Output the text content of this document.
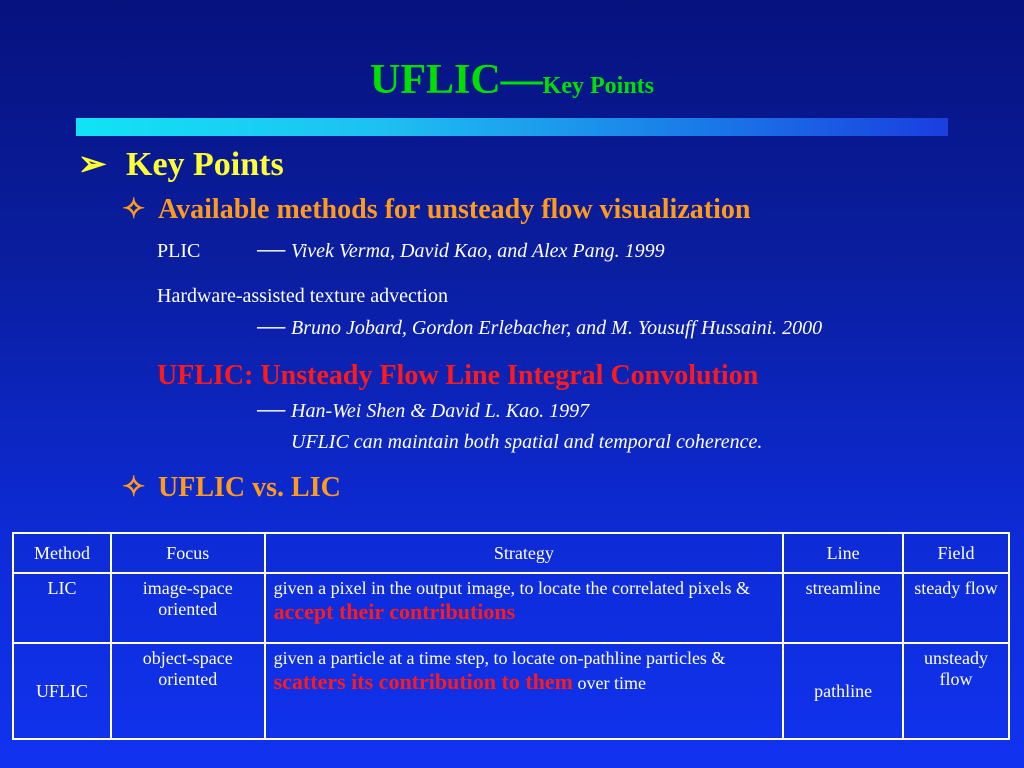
UFLIC—Key Points
➢ Key Points
✧ Available methods for unsteady flow visualization
PLIC	── Vivek Verma, David Kao, and Alex Pang. 1999
Hardware-assisted texture advection
── Bruno Jobard, Gordon Erlebacher, and M. Yousuff Hussaini. 2000
UFLIC: Unsteady Flow Line Integral Convolution
── Han-Wei Shen & David L. Kao. 1997
UFLIC can maintain both spatial and temporal coherence.
✧ UFLIC vs. LIC
Method	Focus	Strategy	Line	Field
LIC	image-space oriented	given a pixel in the output image, to locate the correlated pixels & accept their contributions	streamline	steady flow
UFLIC	object-space oriented	given a particle at a time step, to locate on-pathline particles & scatters its contribution to them over time	pathline	unsteady flow
